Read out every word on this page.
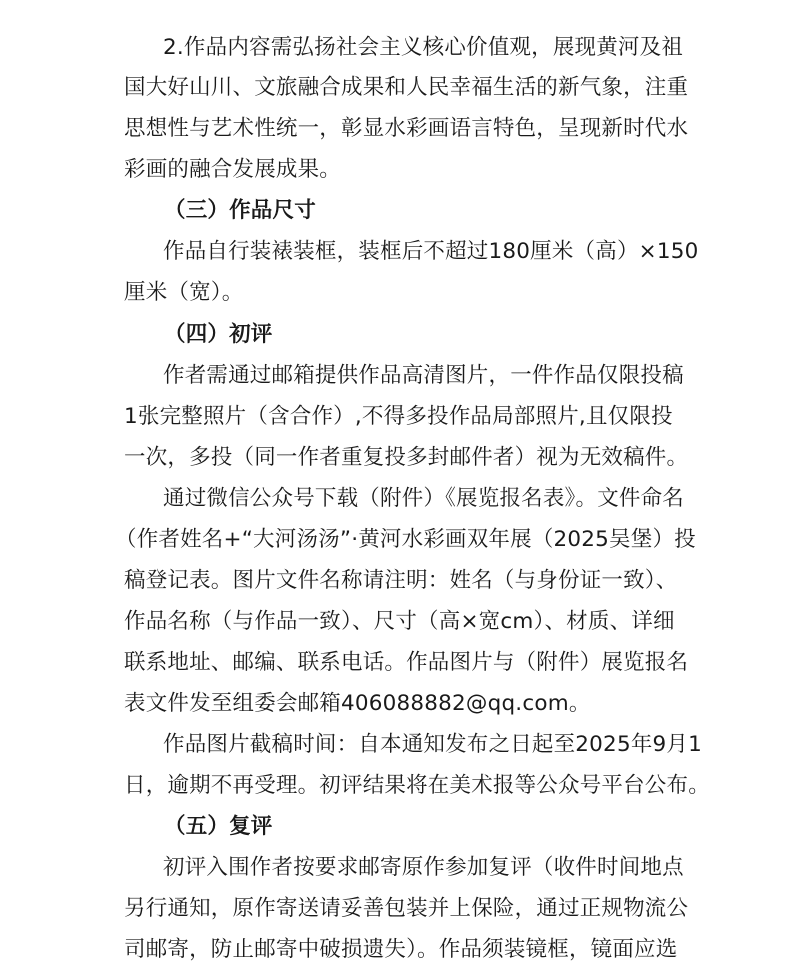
2.作品内容需弘扬社会主义核心价值观，展现黄河及祖
国大好山川、文旅融合成果和人民幸福生活的新气象，注重
思想性与艺术性统一，彰显水彩画语言特色，呈现新时代水
彩画的融合发展成果。
（三）作品尺寸
作品自行装裱装框，装框后不超过180厘米（高）×150
厘米（宽）。
（四）初评
作者需通过邮箱提供作品高清图片，一件作品仅限投稿
1张完整照片（含合作）,不得多投作品局部照片,且仅限投
一次，多投（同一作者重复投多封邮件者）视为无效稿件。
通过微信公众号下载（附件）《展览报名表》。文件命名
（作者姓名+“大河汤汤”·黄河水彩画双年展（2025吴堡）投
稿登记表。图片文件名称请注明：姓名（与身份证一致）、
作品名称（与作品一致）、尺寸（高×宽cm）、材质、详细
联系地址、邮编、联系电话。作品图片与（附件）展览报名
表文件发至组委会邮箱406088882@qq.com。
作品图片截稿时间：自本通知发布之日起至2025年9月1
日，逾期不再受理。初评结果将在美术报等公众号平台公布。
（五）复评
初评入围作者按要求邮寄原作参加复评（收件时间地点
另行通知，原作寄送请妥善包装并上保险，通过正规物流公
司邮寄，防止邮寄中破损遗失）。作品须装镜框，镜面应选
